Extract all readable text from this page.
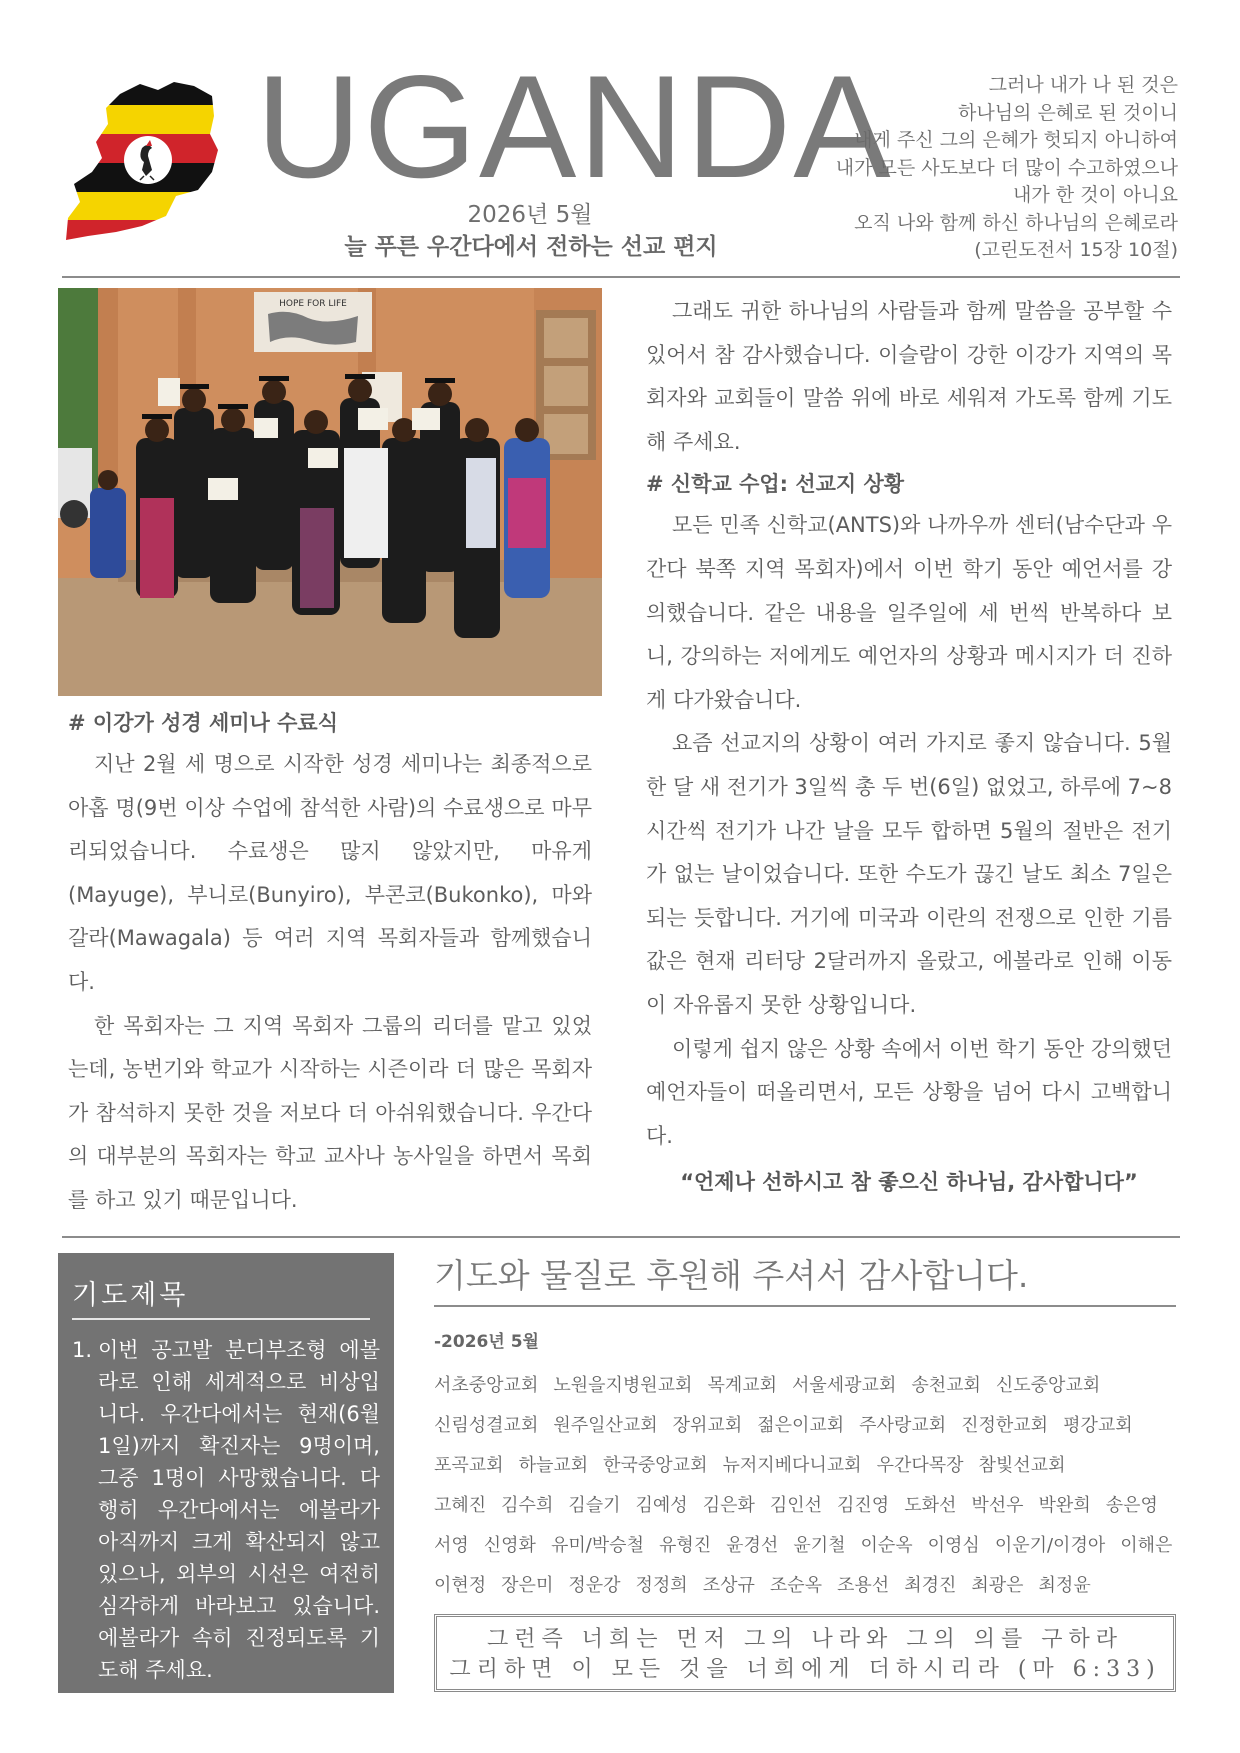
UGANDA
2026년 5월
늘 푸른 우간다에서 전하는 선교 편지
그러나 내가 나 된 것은
하나님의 은혜로 된 것이니
내게 주신 그의 은혜가 헛되지 아니하여
내가 모든 사도보다 더 많이 수고하였으나
내가 한 것이 아니요
오직 나와 함께 하신 하나님의 은혜로라
(고린도전서 15장 10절)
HOPE FOR LIFE
# 이강가 성경 세미나 수료식
지난 2월 세 명으로 시작한 성경 세미나는 최종적으로 아홉 명(9번 이상 수업에 참석한 사람)의 수료생으로 마무리되었습니다. 수료생은 많지 않았지만, 마유게(Mayuge), 부니로(Bunyiro), 부콘코(Bukonko), 마와갈라(Mawagala) 등 여러 지역 목회자들과 함께했습니다.
한 목회자는 그 지역 목회자 그룹의 리더를 맡고 있었는데, 농번기와 학교가 시작하는 시즌이라 더 많은 목회자가 참석하지 못한 것을 저보다 더 아쉬워했습니다. 우간다의 대부분의 목회자는 학교 교사나 농사일을 하면서 목회를 하고 있기 때문입니다.
그래도 귀한 하나님의 사람들과 함께 말씀을 공부할 수 있어서 참 감사했습니다. 이슬람이 강한 이강가 지역의 목회자와 교회들이 말씀 위에 바로 세워져 가도록 함께 기도해 주세요.
# 신학교 수업: 선교지 상황
모든 민족 신학교(ANTS)와 나까우까 센터(남수단과 우간다 북쪽 지역 목회자)에서 이번 학기 동안 예언서를 강의했습니다. 같은 내용을 일주일에 세 번씩 반복하다 보니, 강의하는 저에게도 예언자의 상황과 메시지가 더 진하게 다가왔습니다.
요즘 선교지의 상황이 여러 가지로 좋지 않습니다. 5월 한 달 새 전기가 3일씩 총 두 번(6일) 없었고, 하루에 7~8시간씩 전기가 나간 날을 모두 합하면 5월의 절반은 전기가 없는 날이었습니다. 또한 수도가 끊긴 날도 최소 7일은 되는 듯합니다. 거기에 미국과 이란의 전쟁으로 인한 기름값은 현재 리터당 2달러까지 올랐고, 에볼라로 인해 이동이 자유롭지 못한 상황입니다.
이렇게 쉽지 않은 상황 속에서 이번 학기 동안 강의했던 예언자들이 떠올리면서, 모든 상황을 넘어 다시 고백합니다.
“언제나 선하시고 참 좋으신 하나님, 감사합니다”
기도제목
1. 이번 공고발 분디부조형 에볼라로 인해 세계적으로 비상입니다. 우간다에서는 현재(6월 1일)까지 확진자는 9명이며, 그중 1명이 사망했습니다. 다행히 우간다에서는 에볼라가 아직까지 크게 확산되지 않고 있으나, 외부의 시선은 여전히 심각하게 바라보고 있습니다. 에볼라가 속히 진정되도록 기도해 주세요.
기도와 물질로 후원해 주셔서 감사합니다.
-2026년 5월
서초중앙교회 노원을지병원교회 목계교회 서울세광교회 송천교회 신도중앙교회
신림성결교회 원주일산교회 장위교회 젊은이교회 주사랑교회 진정한교회 평강교회
포곡교회 하늘교회 한국중앙교회 뉴저지베다니교회 우간다목장 참빛선교회
고혜진 김수희 김슬기 김예성 김은화 김인선 김진영 도화선 박선우 박완희 송은영
서영 신영화 유미/박승철 유형진 윤경선 윤기철 이순옥 이영심 이운기/이경아 이해은
이현정 장은미 정운강 정정희 조상규 조순옥 조용선 최경진 최광은 최정윤
그런즉 너희는 먼저 그의 나라와 그의 의를 구하라
그리하면 이 모든 것을 너희에게 더하시리라 (마 6:33)
